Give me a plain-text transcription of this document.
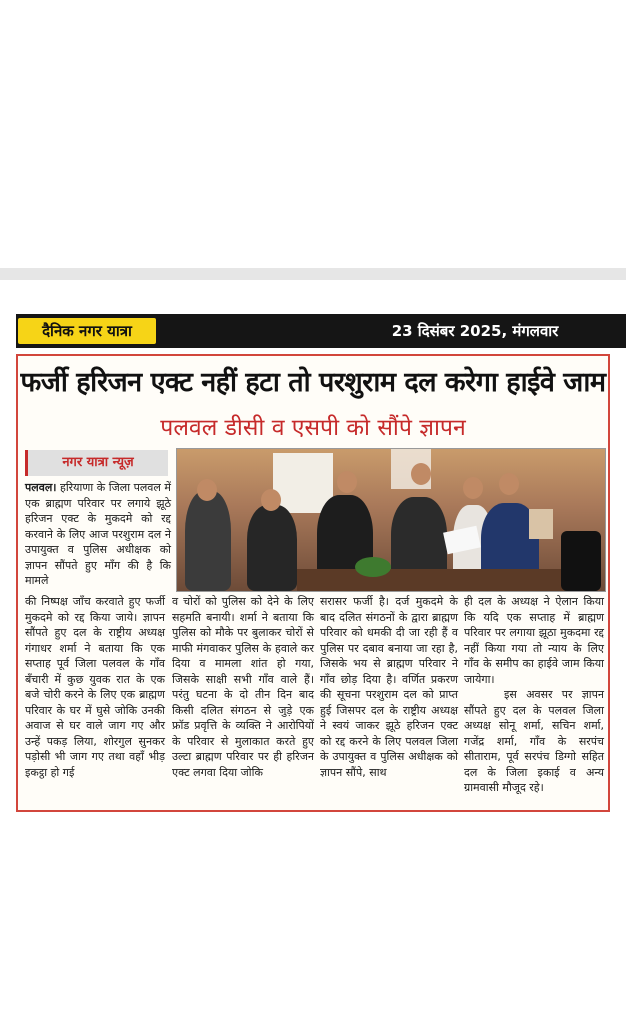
दैनिक नगर यात्रा	23 दिसंबर 2025, मंगलवार
फर्जी हरिजन एक्ट नहीं हटा तो परशुराम दल करेगा हाईवे जाम
पलवल डीसी व एसपी को सौंपे ज्ञापन
नगर यात्रा न्यूज़

पलवल। हरियाणा के जिला पलवल में एक ब्राह्मण परिवार पर लगाये झूठे हरिजन एक्ट के मुकदमे को रद्द करवाने के लिए आज परशुराम दल ने उपायुक्त व पुलिस अधीक्षक को ज्ञापन सौंपते हुए माँग की है कि मामले

की निष्पक्ष जाँच करवाते हुए फर्जी मुकदमे को रद्द किया जाये। ज्ञापन सौंपते हुए दल के राष्ट्रीय अध्यक्ष गंगाधर शर्मा ने बताया कि एक सप्ताह पूर्व जिला पलवल के गाँव बँचारी में कुछ युवक रात के एक बजे चोरी करने के लिए एक ब्राह्मण परिवार के घर में घुसे जोकि उनकी अवाज से घर वाले जाग गए और उन्हें पकड़ लिया, शोरगुल सुनकर पड़ोसी भी जाग गए तथा वहाँ भीड़ इकट्ठा हो गई

व चोरों को पुलिस को देने के लिए सहमति बनायी। शर्मा ने बताया कि पुलिस को मौके पर बुलाकर चोरों से माफी मंगवाकर पुलिस के हवाले कर दिया व मामला शांत हो गया, जिसके साक्षी सभी गाँव वाले हैं। परंतु घटना के दो तीन दिन बाद किसी दलित संगठन से जुड़े एक फ्रॉड प्रवृत्ति के व्यक्ति ने आरोपियों के परिवार से मुलाकात करते हुए उल्टा ब्राह्मण परिवार पर ही हरिजन एक्ट लगवा दिया जोकि

सरासर फर्जी है। दर्ज मुकदमे के बाद दलित संगठनों के द्वारा ब्राह्मण परिवार को धमकी दी जा रही हैं व पुलिस पर दबाव बनाया जा रहा है, जिसके भय से ब्राह्मण परिवार ने गाँव छोड़ दिया है। वर्णित प्रकरण की सूचना परशुराम दल को प्राप्त हुई जिसपर दल के राष्ट्रीय अध्यक्ष ने स्वयं जाकर झूठे हरिजन एक्ट को रद्द करने के लिए पलवल जिला के उपायुक्त व पुलिस अधीक्षक को ज्ञापन सौंपे, साथ

ही दल के अध्यक्ष ने ऐलान किया कि यदि एक सप्ताह में ब्राह्मण परिवार पर लगाया झूठा मुकदमा रद्द नहीं किया गया तो न्याय के लिए गाँव के समीप का हाईवे जाम किया जायेगा।

इस अवसर पर ज्ञापन सौंपते हुए दल के पलवल जिला अध्यक्ष सोनू शर्मा, सचिन शर्मा, गजेंद्र शर्मा, गाँव के सरपंच सीताराम, पूर्व सरपंच डिग्गो सहित दल के जिला इकाई व अन्य ग्रामवासी मौजूद रहे।
